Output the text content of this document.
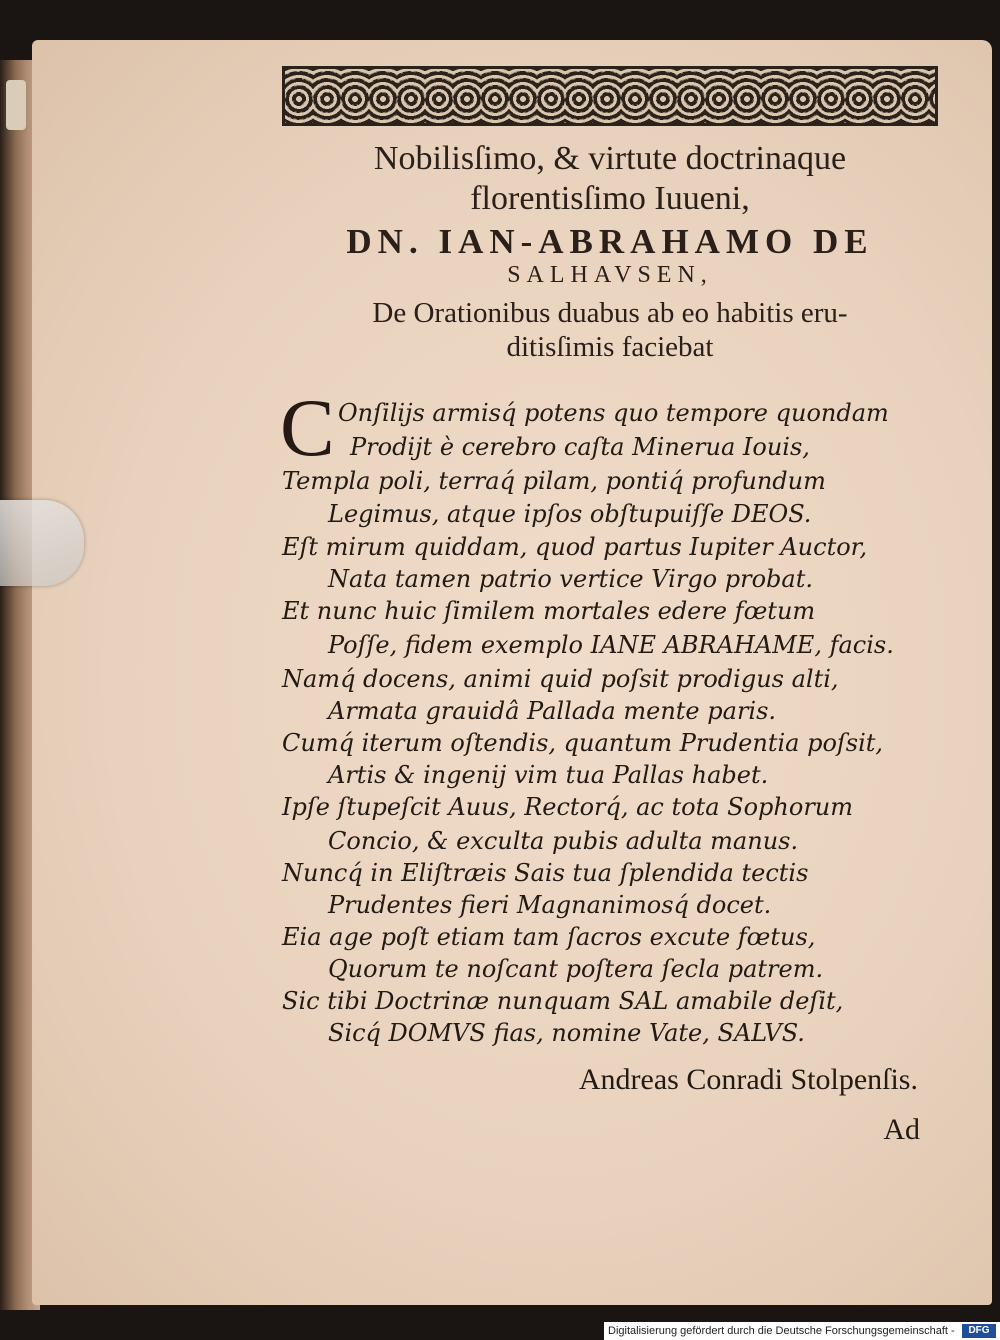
Nobilisſimo, & virtute doctrinaque
florentisſimo Iuueni,
DN. IAN-ABRAHAMO DE
SALHAVSEN,
De Orationibus duabus ab eo habitis eru-
ditisſimis faciebat
C Onſilijs armisq́ potens quo tempore quondam
Prodijt è cerebro caſta Minerua Iouis,
Templa poli, terraq́ pilam, pontiq́ profundum
Legimus, atque ipſos obſtupuiſſe DEOS.
Eſt mirum quiddam, quod partus Iupiter Auctor,
Nata tamen patrio vertice Virgo probat.
Et nunc huic ſimilem mortales edere fœtum
Poſſe, fidem exemplo IANE ABRAHAME, facis.
Namq́ docens, animi quid poſsit prodigus alti,
Armata grauidâ Pallada mente paris.
Cumq́ iterum oſtendis, quantum Prudentia poſsit,
Artis & ingenij vim tua Pallas habet.
Ipſe ſtupeſcit Auus, Rectorq́, ac tota Sophorum
Concio, & exculta pubis adulta manus.
Nuncq́ in Eliſtræis Sais tua ſplendida tectis
Prudentes fieri Magnanimosq́ docet.
Eia age poſt etiam tam ſacros excute fœtus,
Quorum te noſcant poſtera ſecla patrem.
Sic tibi Doctrinæ nunquam SAL amabile deſit,
Sicq́ DOMVS fias, nomine Vate, SALVS.
Andreas Conradi Stolpenſis.
Ad
Digitalisierung gefördert durch die Deutsche Forschungsgemeinschaft -	DFG
